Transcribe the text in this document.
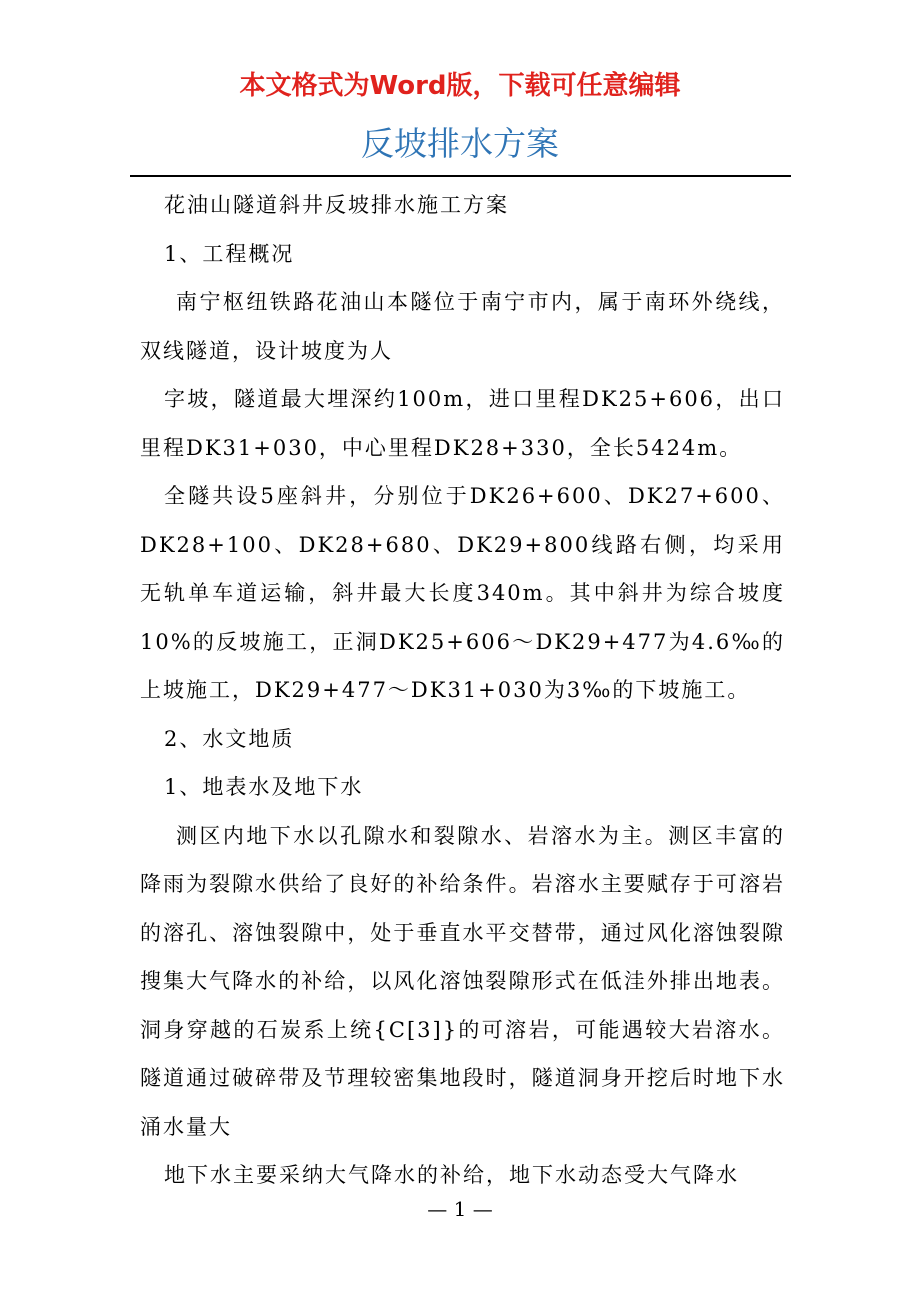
本文格式为Word版，下载可任意编辑
反坡排水方案

花油山隧道斜井反坡排水施工方案

1、工程概况

南宁枢纽铁路花油山本隧位于南宁市内，属于南环外绕线，双线隧道，设计坡度为人

字坡，隧道最大埋深约100m，进口里程DK25+606，出口里程DK31+030，中心里程DK28+330，全长5424m。

全隧共设5座斜井，分别位于DK26+600、DK27+600、DK28+100、DK28+680、DK29+800线路右侧，均采用无轨单车道运输，斜井最大长度340m。其中斜井为综合坡度10%的反坡施工，正洞DK25+606～DK29+477为4.6‰的上坡施工，DK29+477～DK31+030为3‰的下坡施工。

2、水文地质

1、地表水及地下水

测区内地下水以孔隙水和裂隙水、岩溶水为主。测区丰富的降雨为裂隙水供给了良好的补给条件。岩溶水主要赋存于可溶岩的溶孔、溶蚀裂隙中，处于垂直水平交替带，通过风化溶蚀裂隙搜集大气降水的补给，以风化溶蚀裂隙形式在低洼外排出地表。洞身穿越的石炭系上统{C[3]}的可溶岩，可能遇较大岩溶水。隧道通过破碎带及节理较密集地段时，隧道洞身开挖后时地下水涌水量大

地下水主要采纳大气降水的补给，地下水动态受大气降水

— 1 —
